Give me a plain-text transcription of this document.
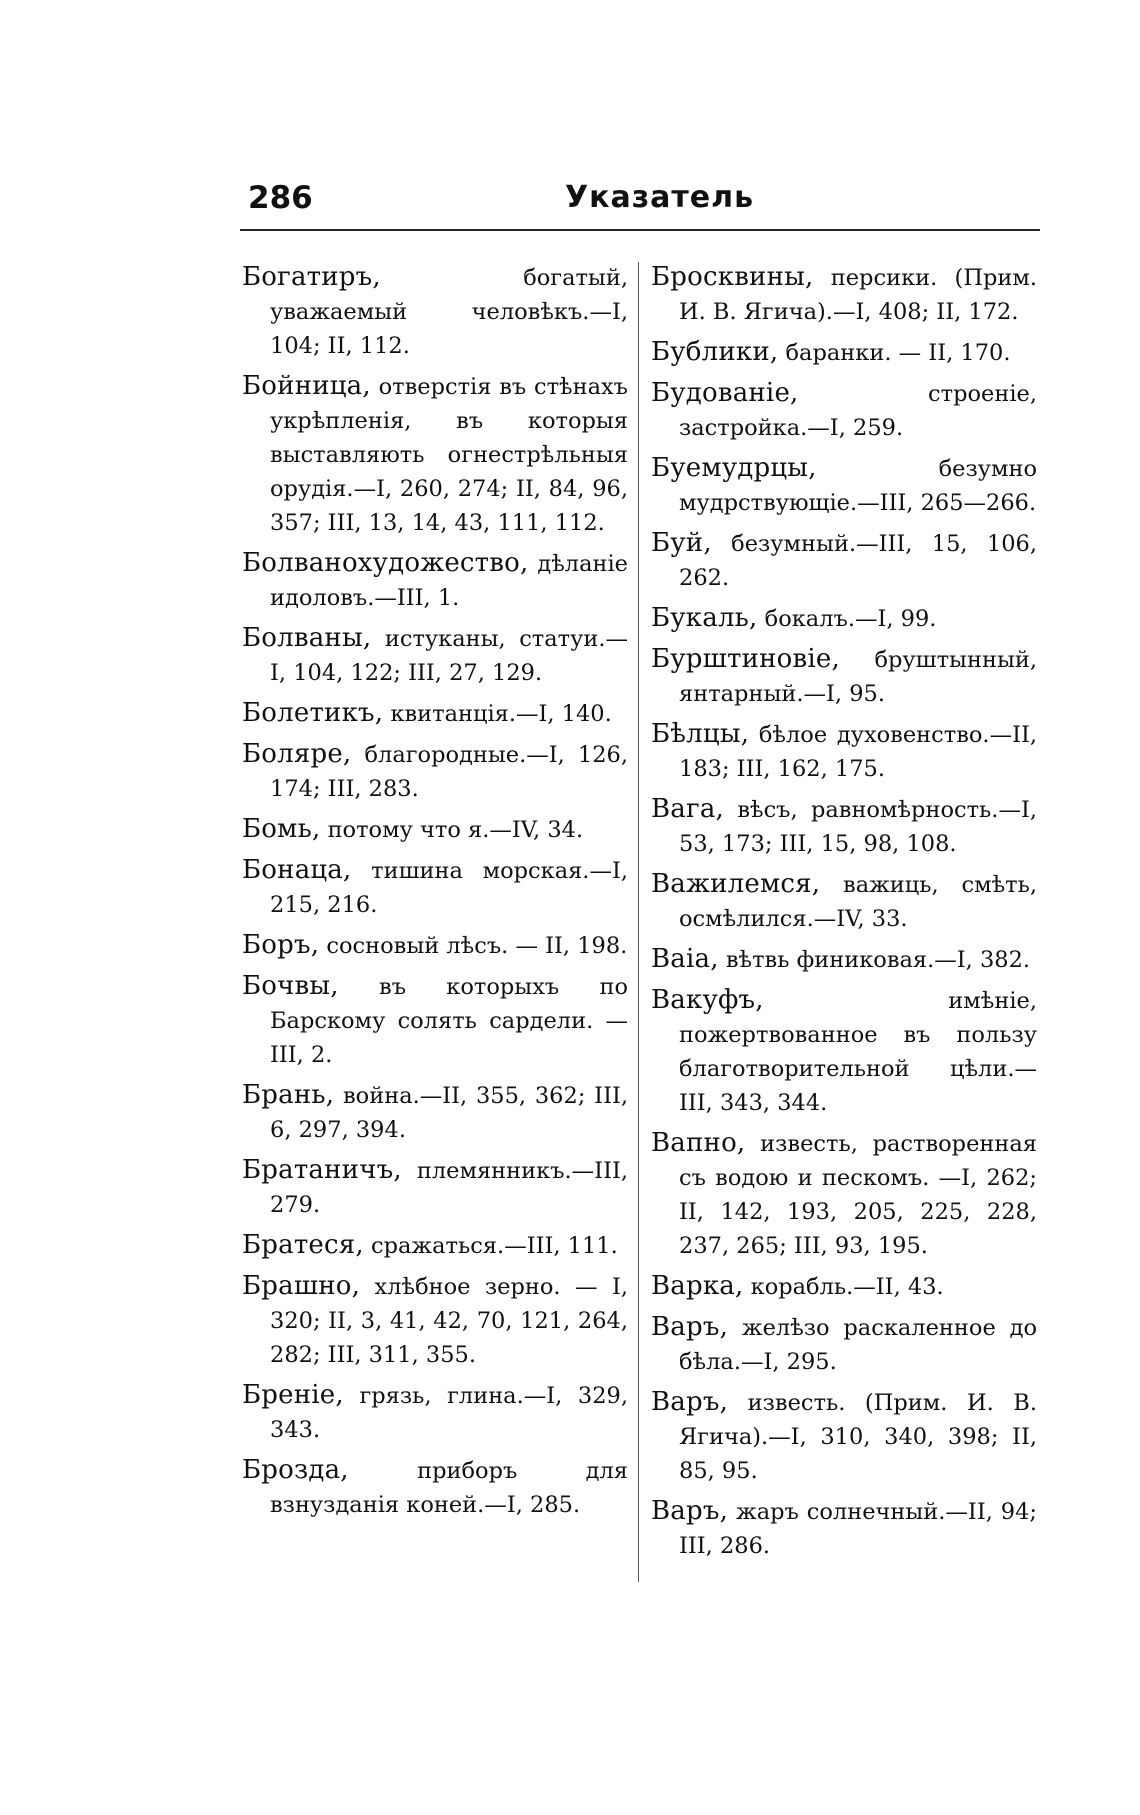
286	Указатель

Богатиръ,	богатый, уважаемый человѣкъ.—I, 104; II, 112.

Бойница, отверстія въ стѣнахъ укрѣпленія, въ которыя выставляють огнестрѣльныя орудія.—I, 260, 274; II, 84, 96, 357; III, 13, 14, 43, 111, 112.

Болванохудожество, дѣланіе идоловъ.—III, 1.

Болваны, истуканы, статуи.—I, 104, 122; III, 27, 129.

Болетикъ, квитанція.—I, 140.

Боляре, благородные.—I, 126, 174; III, 283.

Бомь, потому что я.—IV, 34.

Бонаца, тишина морская.—I, 215, 216.

Боръ, сосновый лѣсъ. — II, 198.

Бочвы, въ которыхъ по Барскому солять сардели. — III, 2.

Брань, война.—II, 355, 362; III, 6, 297, 394.

Братаничъ, племянникъ.—III, 279.

Братеся, сражаться.—III, 111.

Брашно, хлѣбное зерно. — I, 320; II, 3, 41, 42, 70, 121, 264, 282; III, 311, 355.

Бреніе, грязь, глина.—I, 329, 343.

Брозда,	приборъ для взнузданія коней.—I, 285.

Бросквины, персики. (Прим. И. В. Ягича).—I, 408; II, 172.

Бублики, баранки. — II, 170.

Будованіе,	строеніе, застройка.—I, 259.

Буемудрцы,	безумно мудрствующіе.—III, 265—266.

Буй, безумный.—III, 15, 106, 262.

Букаль, бокалъ.—I, 99.

Бурштиновіе, бруштынный, янтарный.—I, 95.

Бѣлцы, бѣлое духовенство.—II, 183; III, 162, 175.

Вага, вѣсъ, равномѣрность.—I, 53, 173; III, 15, 98, 108.

Важилемся, важиць, смѣть, осмѣлился.—IV, 33.

Ваіа, вѣтвь финиковая.—I, 382.

Вакуфъ,	имѣніе, пожертвованное въ пользу благотворительной цѣли.—III, 343, 344.

Вапно, известь, растворенная съ водою и пескомъ. —I, 262; II, 142, 193, 205, 225, 228, 237, 265; III, 93, 195.

Варка, корабль.—II, 43.

Варъ, желѣзо раскаленное до бѣла.—I, 295.

Варъ, известь. (Прим. И. В. Ягича).—I, 310, 340, 398; II, 85, 95.

Варъ, жаръ солнечный.—II, 94; III, 286.
